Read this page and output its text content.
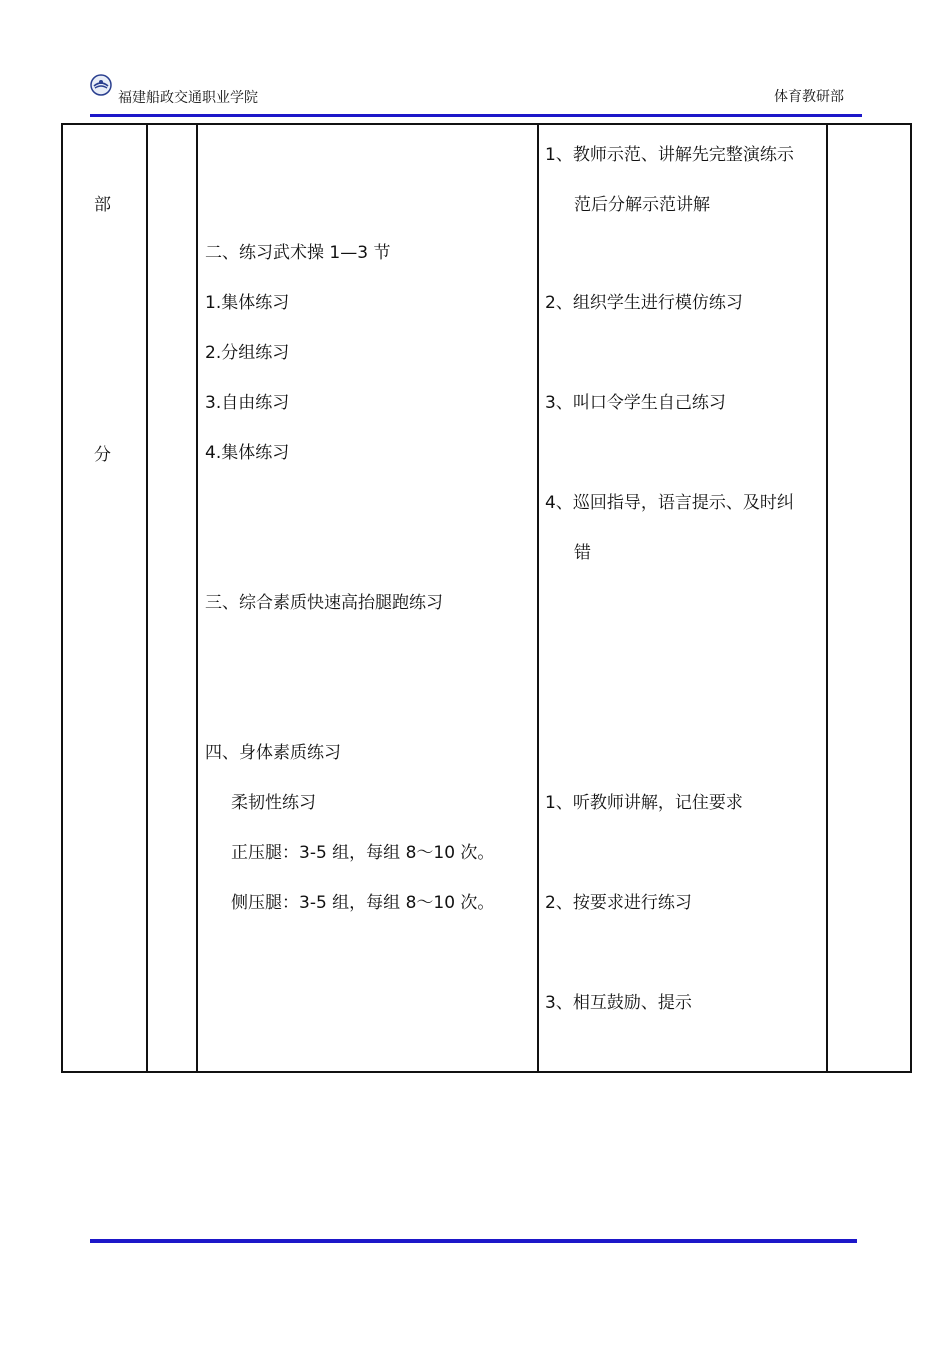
福建船政交通职业学院	体育教研部
部
分
二、练习武术操 1—3 节
1.集体练习
2.分组练习
3.自由练习
4.集体练习
三、综合素质快速高抬腿跑练习
四、身体素质练习
柔韧性练习
正压腿：3-5 组，每组 8～10 次。
侧压腿：3-5 组，每组 8～10 次。
1、教师示范、讲解先完整演练示
范后分解示范讲解
2、组织学生进行模仿练习
3、叫口令学生自己练习
4、巡回指导，语言提示、及时纠
错
1、听教师讲解，记住要求
2、按要求进行练习
3、相互鼓励、提示
